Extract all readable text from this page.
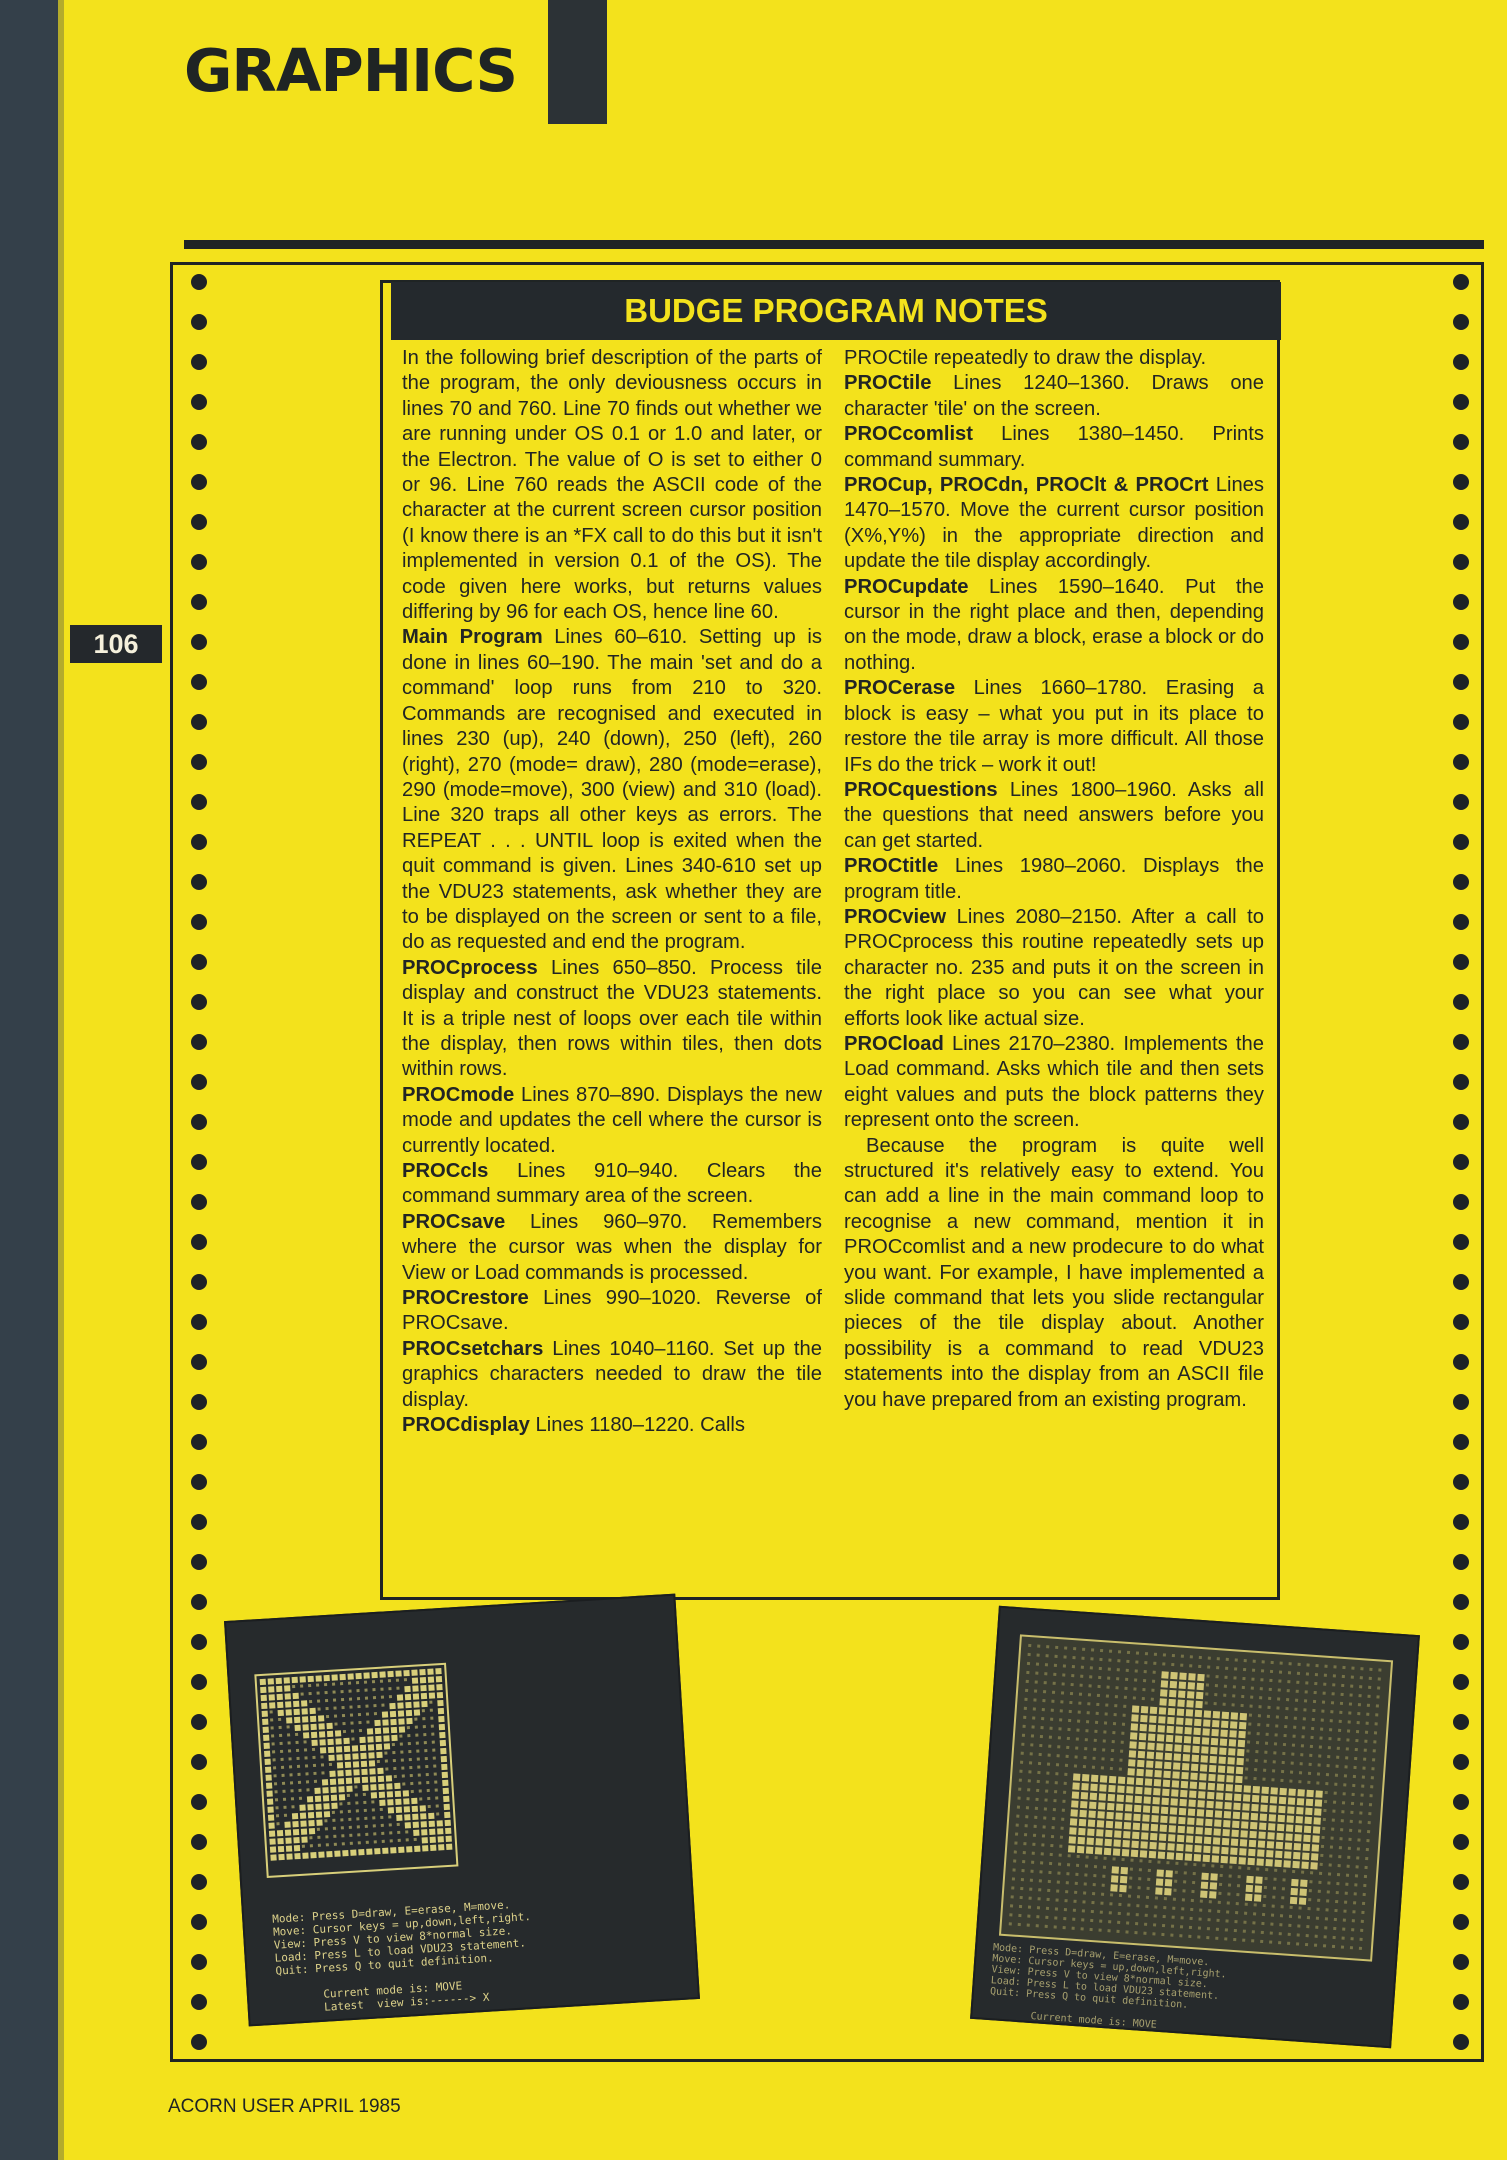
GRAPHICS
106
BUDGE PROGRAM NOTES

In the following brief description of the parts of the program, the only deviousness occurs in lines 70 and 760. Line 70 finds out whether we are running under OS 0.1 or 1.0 and later, or the Electron. The value of O is set to either 0 or 96. Line 760 reads the ASCII code of the character at the current screen cursor position (I know there is an *FX call to do this but it isn't implemented in version 0.1 of the OS). The code given here works, but returns values differing by 96 for each OS, hence line 60.

Main Program Lines 60–610. Setting up is done in lines 60–190. The main 'set and do a command' loop runs from 210 to 320. Commands are recognised and executed in lines 230 (up), 240 (down), 250 (left), 260 (right), 270 (mode= draw), 280 (mode=erase), 290 (mode=move), 300 (view) and 310 (load). Line 320 traps all other keys as errors. The REPEAT . . . UNTIL loop is exited when the quit command is given. Lines 340-610 set up the VDU23 statements, ask whether they are to be displayed on the screen or sent to a file, do as requested and end the program.

PROCprocess Lines 650–850. Process tile display and construct the VDU23 statements. It is a triple nest of loops over each tile within the display, then rows within tiles, then dots within rows.

PROCmode Lines 870–890. Displays the new mode and updates the cell where the cursor is currently located.

PROCcls Lines 910–940. Clears the command summary area of the screen.

PROCsave Lines 960–970. Remembers where the cursor was when the display for View or Load commands is processed.

PROCrestore Lines 990–1020. Reverse of PROCsave.

PROCsetchars Lines 1040–1160. Set up the graphics characters needed to draw the tile display.

PROCdisplay Lines 1180–1220. Calls

PROCtile repeatedly to draw the display.

PROCtile Lines 1240–1360. Draws one character 'tile' on the screen.

PROCcomlist Lines 1380–1450. Prints command summary.

PROCup, PROCdn, PROClt & PROCrt Lines 1470–1570. Move the current cursor position (X%,Y%) in the appropriate direction and update the tile display accordingly.

PROCupdate Lines 1590–1640. Put the cursor in the right place and then, depending on the mode, draw a block, erase a block or do nothing.

PROCerase Lines 1660–1780. Erasing a block is easy – what you put in its place to restore the tile array is more difficult. All those IFs do the trick – work it out!

PROCquestions Lines 1800–1960. Asks all the questions that need answers before you can get started.

PROCtitle Lines 1980–2060. Displays the program title.

PROCview Lines 2080–2150. After a call to PROCprocess this routine repeatedly sets up character no. 235 and puts it on the screen in the right place so you can see what your efforts look like actual size.

PROCload Lines 2170–2380. Implements the Load command. Asks which tile and then sets eight values and puts the block patterns they represent onto the screen.

Because the program is quite well structured it's relatively easy to extend. You can add a line in the main command loop to recognise a new command, mention it in PROCcomlist and a new prodecure to do what you want. For example, I have implemented a slide command that lets you slide rectangular pieces of the tile display about. Another possibility is a command to read VDU23 statements into the display from an ASCII file you have prepared from an existing program.

Mode: Press D=draw, E=erase, M=move.
Move: Cursor keys = up,down,left,right.
View: Press V to view 8*normal size.
Load: Press L to load VDU23 statement.
Quit: Press Q to quit definition.

Current mode is: MOVE
Latest  view is:------> X
Mode: Press D=draw, E=erase, M=move.
Move: Cursor keys = up,down,left,right.
View: Press V to view 8*normal size.
Load: Press L to load VDU23 statement.
Quit: Press Q to quit definition.

Current mode is: MOVE
Latest  view is:------>
ACORN USER APRIL 1985
